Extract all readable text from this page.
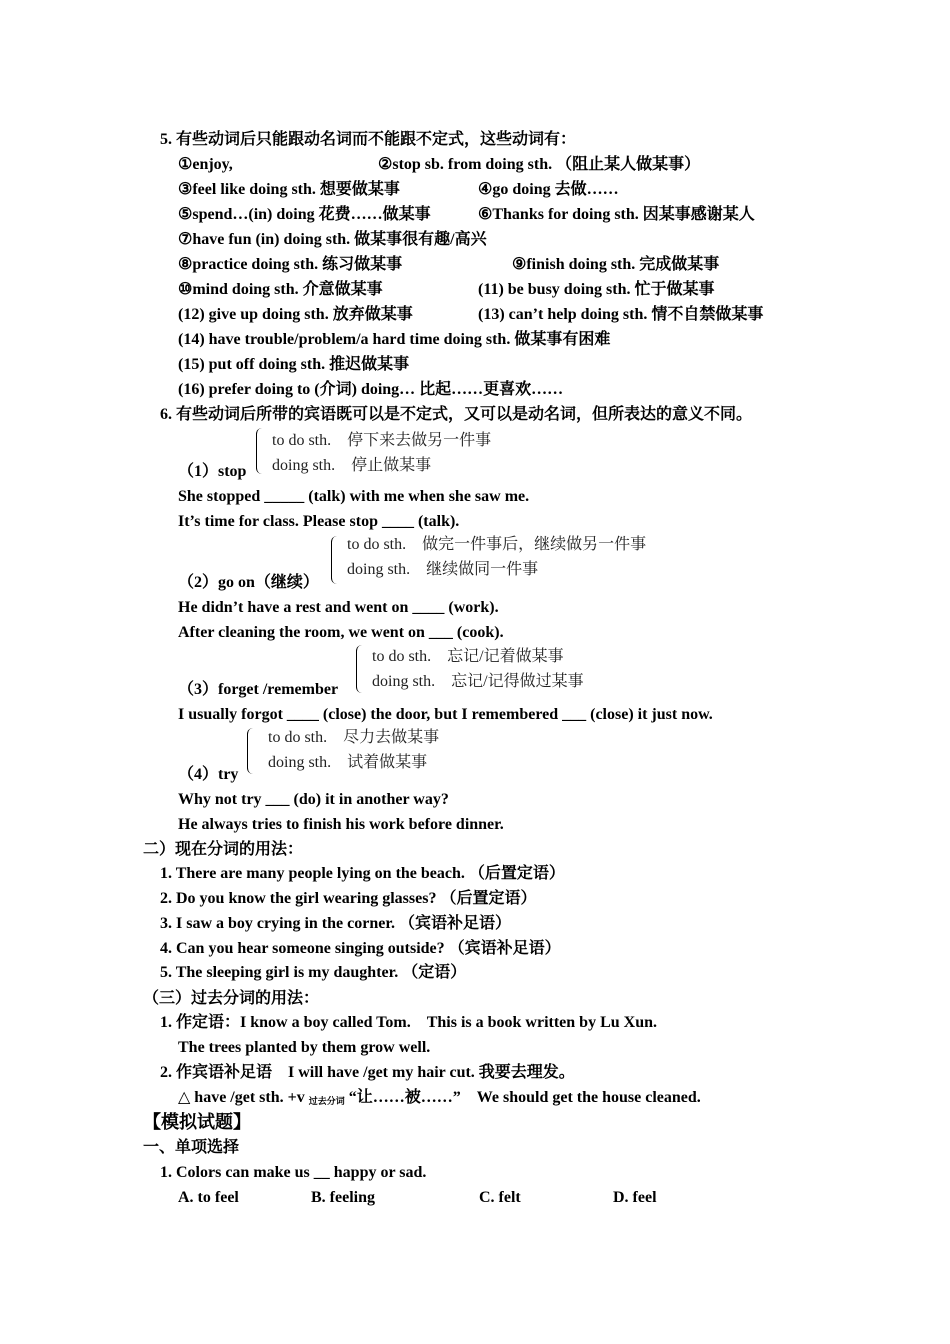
5. 有些动词后只能跟动名词而不能跟不定式，这些动词有：
①enjoy,	②stop sb. from doing sth. （阻止某人做某事）
③feel like doing sth. 想要做某事	④go doing 去做……
⑤spend…(in) doing 花费……做某事	⑥Thanks for doing sth. 因某事感谢某人
⑦have fun (in) doing sth. 做某事很有趣/高兴
⑧practice doing sth. 练习做某事	⑨finish doing sth. 完成做某事
⑩mind doing sth. 介意做某事	(11) be busy doing sth. 忙于做某事
(12) give up doing sth. 放弃做某事	(13) can’t help doing sth. 情不自禁做某事
(14) have trouble/problem/a hard time doing sth. 做某事有困难
(15) put off doing sth. 推迟做某事
(16) prefer doing to (介词) doing… 比起……更喜欢……
6. 有些动词后所带的宾语既可以是不定式，又可以是动名词，但所表达的意义不同。
to do sth.　停下来去做另一件事
doing sth.　停止做某事
（1）stop
She stopped _____ (talk) with me when she saw me.
It’s time for class. Please stop ____ (talk).
to do sth.　做完一件事后，继续做另一件事
doing sth.　继续做同一件事
（2）go on（继续）
He didn’t have a rest and went on ____ (work).
After cleaning the room, we went on ___ (cook).
to do sth.　忘记/记着做某事
doing sth.　忘记/记得做过某事
（3）forget /remember
I usually forgot ____ (close) the door, but I remembered ___ (close) it just now.
to do sth.　尽力去做某事
doing sth.　试着做某事
（4）try
Why not try ___ (do) it in another way?
He always tries to finish his work before dinner.
二）现在分词的用法：
1. There are many people lying on the beach. （后置定语）
2. Do you know the girl wearing glasses? （后置定语）
3. I saw a boy crying in the corner. （宾语补足语）
4. Can you hear someone singing outside? （宾语补足语）
5. The sleeping girl is my daughter. （定语）
（三）过去分词的用法：
1. 作定语：I know a boy called Tom.　This is a book written by Lu Xun.
The trees planted by them grow well.
2. 作宾语补足语　I will have /get my hair cut. 我要去理发。
△ have /get sth. +v $_{过去分词}$ “让……被……”　We should get the house cleaned.
【模拟试题】
一、单项选择
1. Colors can make us __ happy or sad.
A. to feel	B. feeling	C. felt	D. feel
